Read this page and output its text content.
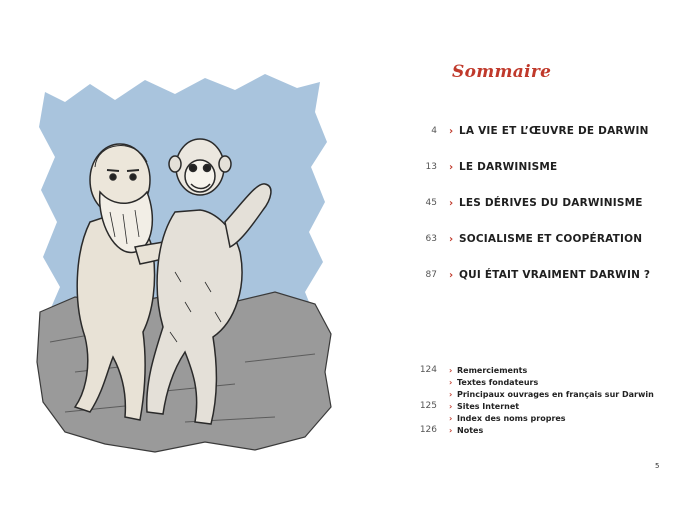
Sommaire
4 › LA VIE ET L’ŒUVRE DE DARWIN
13 › LE DARWINISME
45 › LES DÉRIVES DU DARWINISME
63 › SOCIALISME ET COOPÉRATION
87 › QUI ÉTAIT VRAIMENT DARWIN ?
124 › Remerciements
› Textes fondateurs
› Principaux ouvrages en français sur Darwin
125 › Sites Internet
› Index des noms propres
126 › Notes
5
